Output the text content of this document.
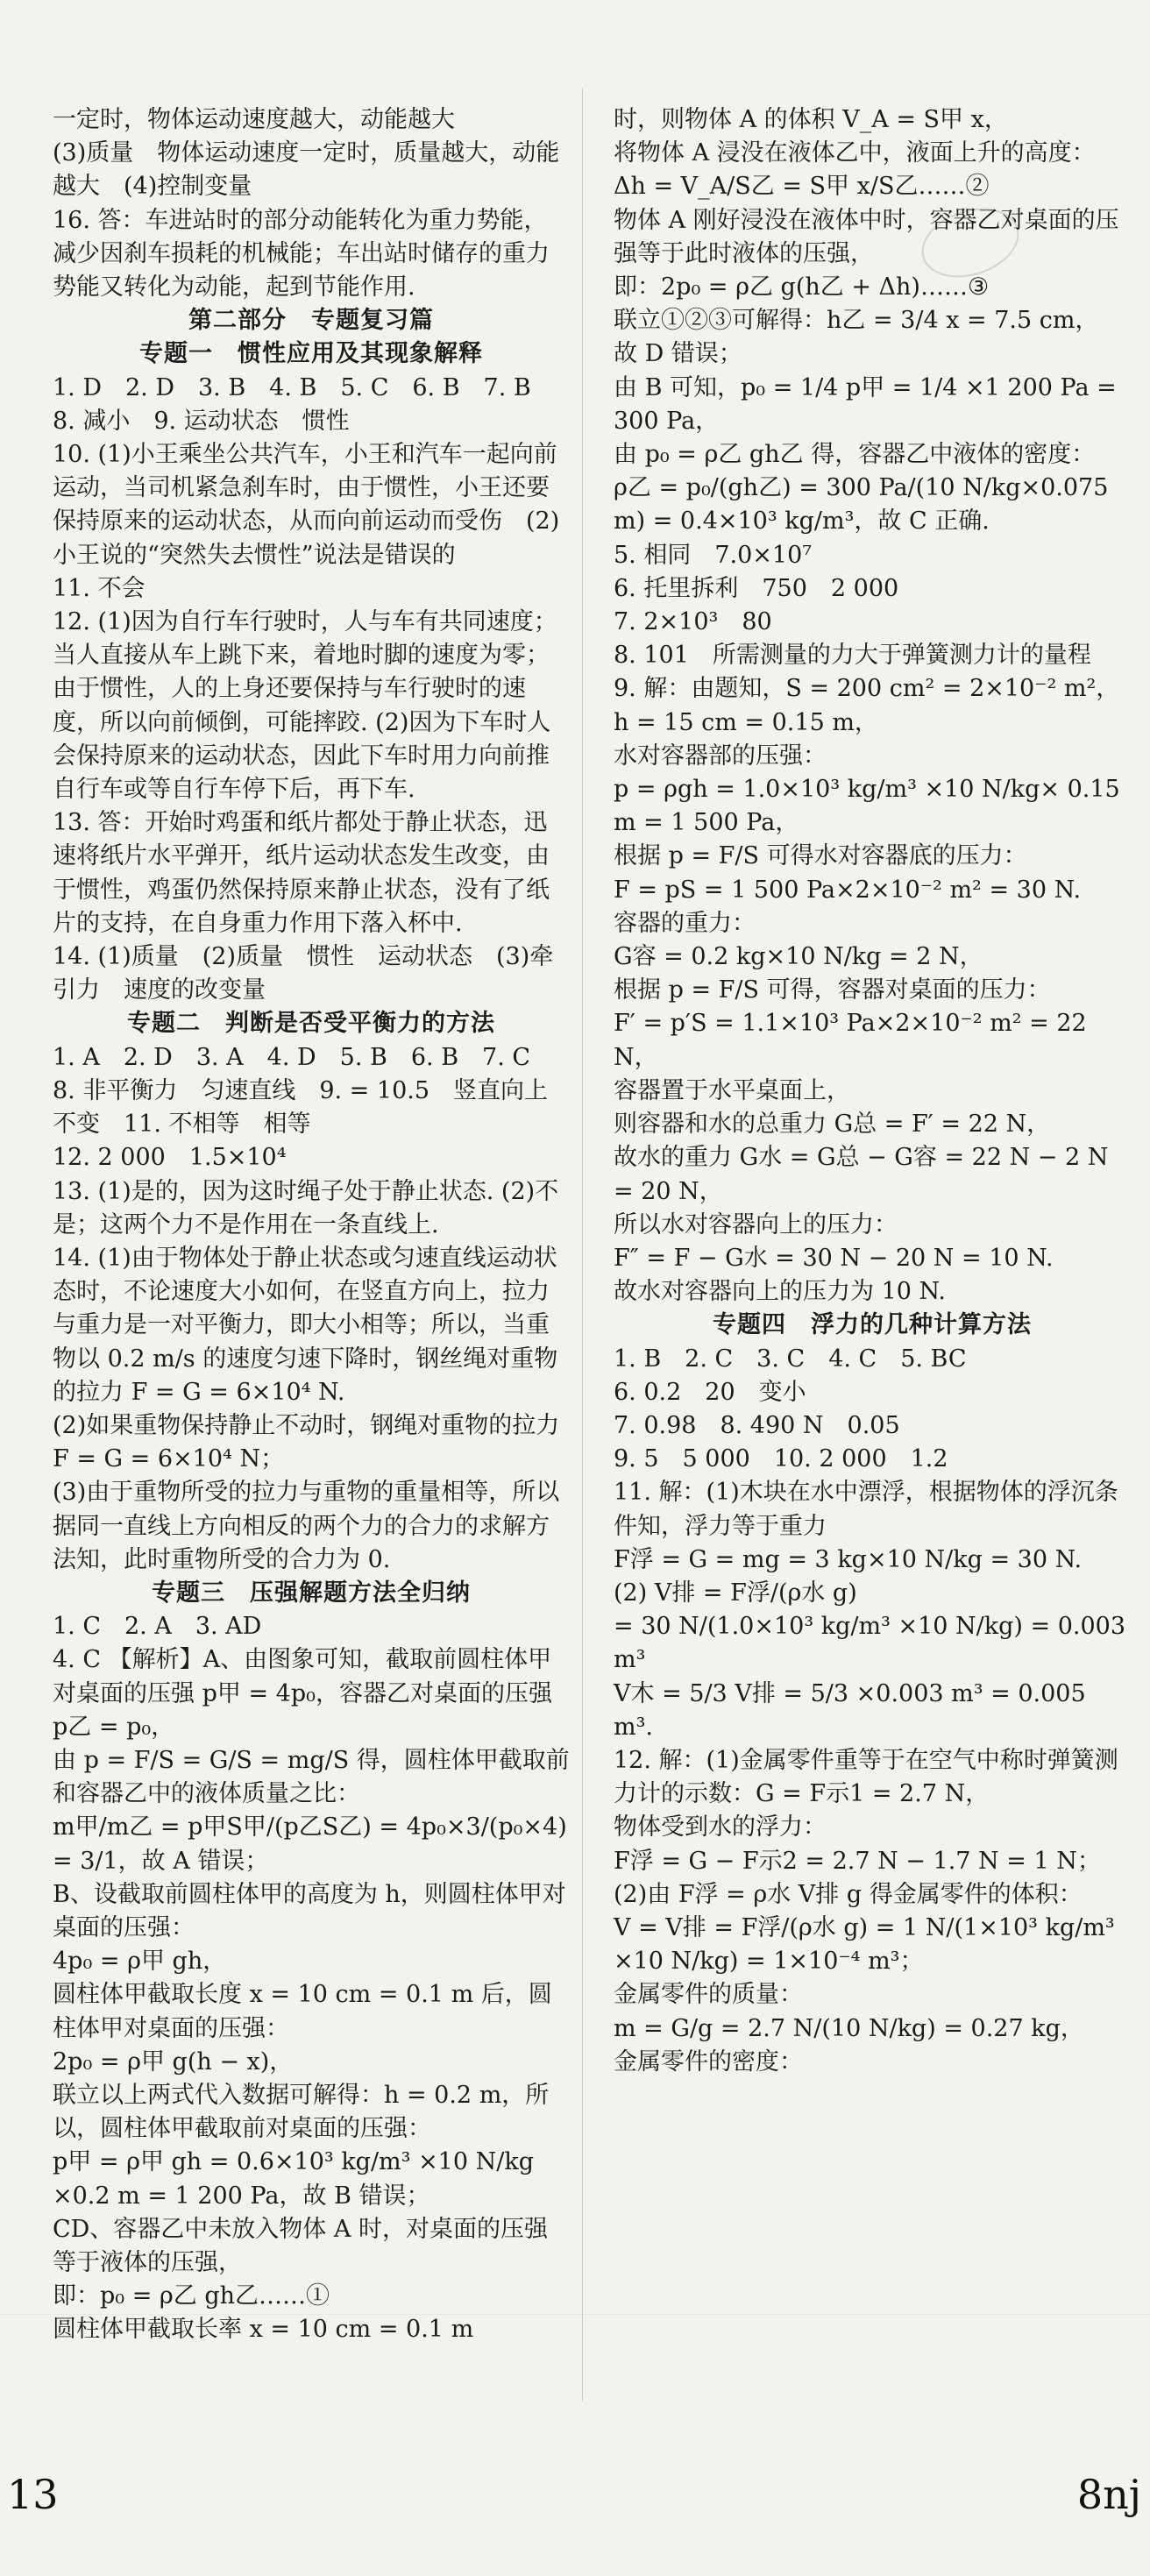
一定时，物体运动速度越大，动能越大

(3)质量　物体运动速度一定时，质量越大，动能越大　(4)控制变量

16. 答：车进站时的部分动能转化为重力势能，减少因刹车损耗的机械能；车出站时储存的重力势能又转化为动能，起到节能作用.

第二部分　专题复习篇
专题一　惯性应用及其现象解释

1. D　2. D　3. B　4. B　5. C　6. B　7. B

8. 减小　9. 运动状态　惯性

10. (1)小王乘坐公共汽车，小王和汽车一起向前运动，当司机紧急刹车时，由于惯性，小王还要保持原来的运动状态，从而向前运动而受伤　(2)小王说的“突然失去惯性”说法是错误的

11. 不会

12. (1)因为自行车行驶时，人与车有共同速度；当人直接从车上跳下来，着地时脚的速度为零；由于惯性，人的上身还要保持与车行驶时的速度，所以向前倾倒，可能摔跤. (2)因为下车时人会保持原来的运动状态，因此下车时用力向前推自行车或等自行车停下后，再下车.

13. 答：开始时鸡蛋和纸片都处于静止状态，迅速将纸片水平弹开，纸片运动状态发生改变，由于惯性，鸡蛋仍然保持原来静止状态，没有了纸片的支持，在自身重力作用下落入杯中.

14. (1)质量　(2)质量　惯性　运动状态　(3)牵引力　速度的改变量

专题二　判断是否受平衡力的方法

1. A　2. D　3. A　4. D　5. B　6. B　7. C

8. 非平衡力　匀速直线　9. = 10.5　竖直向上　不变　11. 不相等　相等

12. 2 000　1.5×10⁴

13. (1)是的，因为这时绳子处于静止状态. (2)不是；这两个力不是作用在一条直线上.

14. (1)由于物体处于静止状态或匀速直线运动状态时，不论速度大小如何，在竖直方向上，拉力与重力是一对平衡力，即大小相等；所以，当重物以 0.2 m/s 的速度匀速下降时，钢丝绳对重物的拉力 F = G = 6×10⁴ N.

(2)如果重物保持静止不动时，钢绳对重物的拉力 F = G = 6×10⁴ N；

(3)由于重物所受的拉力与重物的重量相等，所以据同一直线上方向相反的两个力的合力的求解方法知，此时重物所受的合力为 0.

专题三　压强解题方法全归纳

1. C　2. A　3. AD

4. C 【解析】A、由图象可知，截取前圆柱体甲对桌面的压强 p甲 = 4p₀，容器乙对桌面的压强 p乙 = p₀，

由 p = F/S = G/S = mg/S 得，圆柱体甲截取前和容器乙中的液体质量之比：

m甲/m乙 = p甲S甲/(p乙S乙) = 4p₀×3/(p₀×4) = 3/1，故 A 错误；

B、设截取前圆柱体甲的高度为 h，则圆柱体甲对桌面的压强：

4p₀ = ρ甲 gh，

圆柱体甲截取长度 x = 10 cm = 0.1 m 后，圆柱体甲对桌面的压强：

2p₀ = ρ甲 g(h − x)，

联立以上两式代入数据可解得：h = 0.2 m，所以，圆柱体甲截取前对桌面的压强：

p甲 = ρ甲 gh = 0.6×10³ kg/m³ ×10 N/kg ×0.2 m = 1 200 Pa，故 B 错误；

CD、容器乙中未放入物体 A 时，对桌面的压强等于液体的压强，

即：p₀ = ρ乙 gh乙……①

圆柱体甲截取长率 x = 10 cm = 0.1 m

时，则物体 A 的体积 V_A = S甲 x，

将物体 A 浸没在液体乙中，液面上升的高度：

Δh = V_A/S乙 = S甲 x/S乙……②

物体 A 刚好浸没在液体中时，容器乙对桌面的压强等于此时液体的压强，

即：2p₀ = ρ乙 g(h乙 + Δh)……③

联立①②③可解得：h乙 = 3/4 x = 7.5 cm，

故 D 错误；

由 B 可知，p₀ = 1/4 p甲 = 1/4 ×1 200 Pa = 300 Pa，

由 p₀ = ρ乙 gh乙 得，容器乙中液体的密度：

ρ乙 = p₀/(gh乙) = 300 Pa/(10 N/kg×0.075 m) = 0.4×10³ kg/m³，故 C 正确.

5. 相同　7.0×10⁷

6. 托里拆利　750　2 000

7. 2×10³　80

8. 101　所需测量的力大于弹簧测力计的量程

9. 解：由题知，S = 200 cm² = 2×10⁻² m²，h = 15 cm = 0.15 m，

水对容器部的压强：

p = ρgh = 1.0×10³ kg/m³ ×10 N/kg× 0.15 m = 1 500 Pa，

根据 p = F/S 可得水对容器底的压力：

F = pS = 1 500 Pa×2×10⁻² m² = 30 N.

容器的重力：

G容 = 0.2 kg×10 N/kg = 2 N，

根据 p = F/S 可得，容器对桌面的压力：

F′ = p′S = 1.1×10³ Pa×2×10⁻² m² = 22 N，

容器置于水平桌面上，

则容器和水的总重力 G总 = F′ = 22 N，

故水的重力 G水 = G总 − G容 = 22 N − 2 N = 20 N，

所以水对容器向上的压力：

F″ = F − G水 = 30 N − 20 N = 10 N.

故水对容器向上的压力为 10 N.

专题四　浮力的几种计算方法

1. B　2. C　3. C　4. C　5. BC

6. 0.2　20　变小

7. 0.98　8. 490 N　0.05

9. 5　5 000　10. 2 000　1.2

11. 解：(1)木块在水中漂浮，根据物体的浮沉条件知，浮力等于重力

F浮 = G = mg = 3 kg×10 N/kg = 30 N.

(2) V排 = F浮/(ρ水 g)

= 30 N/(1.0×10³ kg/m³ ×10 N/kg) = 0.003 m³

V木 = 5/3 V排 = 5/3 ×0.003 m³ = 0.005 m³.

12. 解：(1)金属零件重等于在空气中称时弹簧测力计的示数：G = F示1 = 2.7 N，

物体受到水的浮力：

F浮 = G − F示2 = 2.7 N − 1.7 N = 1 N；

(2)由 F浮 = ρ水 V排 g 得金属零件的体积：

V = V排 = F浮/(ρ水 g) = 1 N/(1×10³ kg/m³ ×10 N/kg) = 1×10⁻⁴ m³；

金属零件的质量：

m = G/g = 2.7 N/(10 N/kg) = 0.27 kg，

金属零件的密度：

13	8nj
